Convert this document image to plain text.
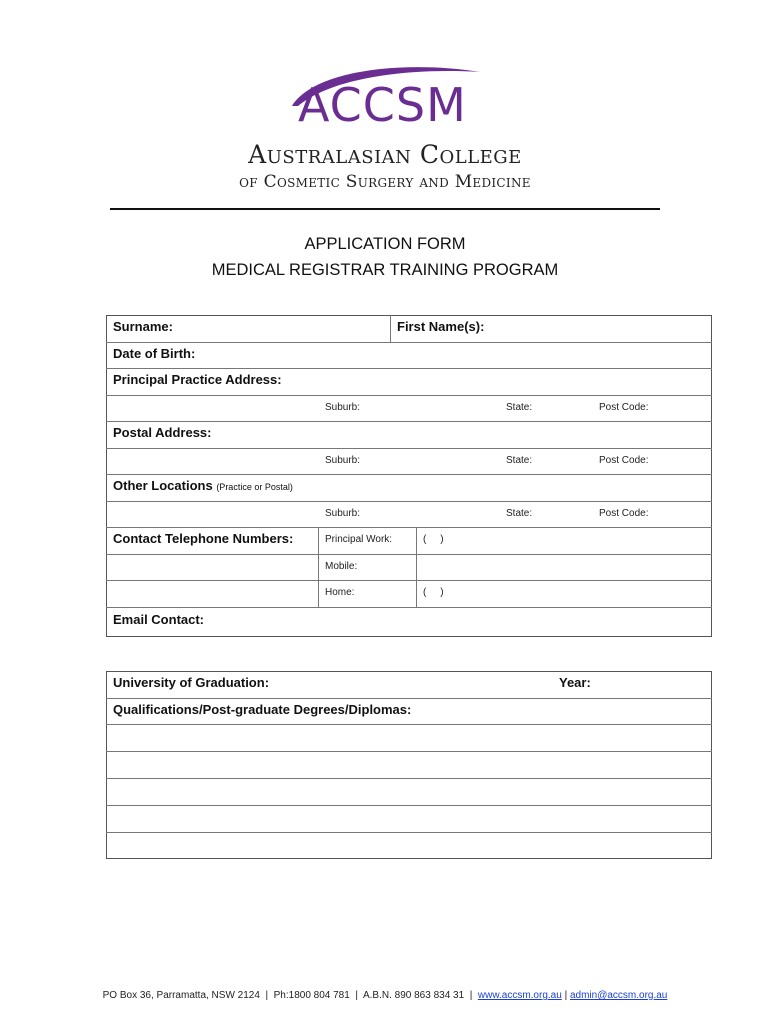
ACCSM
Australasian College
of Cosmetic Surgery and Medicine
APPLICATION FORM
MEDICAL REGISTRAR TRAINING PROGRAM
Surname:	First Name(s):
Date of Birth:
Principal Practice Address:
Suburb:	State:	Post Code:
Postal Address:
Suburb:	State:	Post Code:
Other Locations (Practice or Postal)
Suburb:	State:	Post Code:
Contact Telephone Numbers:	Principal Work:	(     )
Mobile:
Home:	(     )
Email Contact:
University of Graduation:	Year:
Qualifications/Post-graduate Degrees/Diplomas:
PO Box 36, Parramatta, NSW 2124  |  Ph:1800 804 781  |  A.B.N. 890 863 834 31  |  www.accsm.org.au | admin@accsm.org.au
